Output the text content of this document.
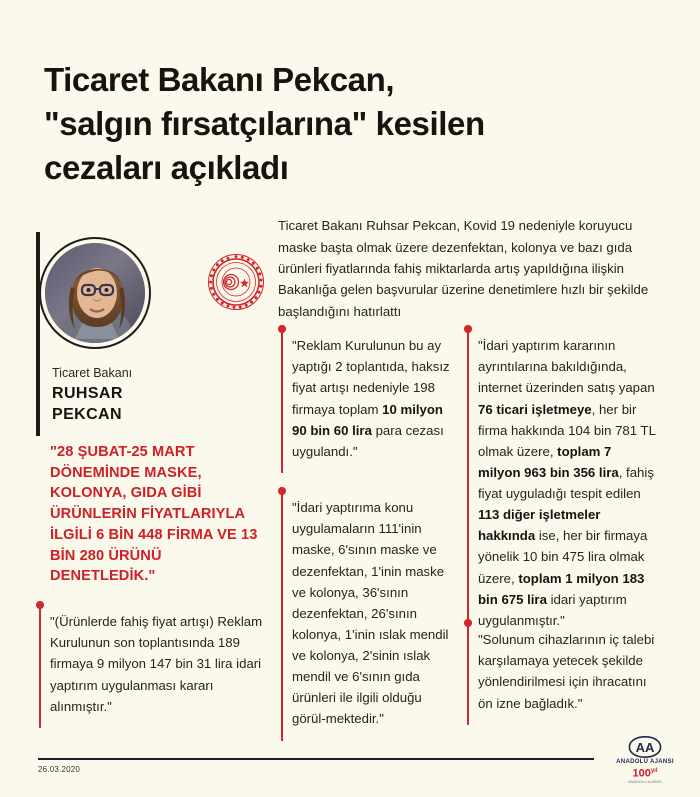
Ticaret Bakanı Pekcan,
"salgın fırsatçılarına" kesilen
cezaları açıkladı

Ticaret Bakanı Ruhsar Pekcan, Kovid 19 nedeniyle koruyucu maske başta olmak üzere dezenfektan, kolonya ve bazı gıda ürünleri fiyatlarında fahiş miktarlarda artış yapıldığına ilişkin Bakanlığa gelen başvurular üzerine denetimlere hızlı bir şekilde başlandığını hatırlattı

Ticaret Bakanı
RUHSAR
PEKCAN
"28 ŞUBAT-25 MART DÖNEMİNDE MASKE, KOLONYA, GIDA GİBİ ÜRÜNLERİN FİYATLARIYLA İLGİLİ 6 BİN 448 FİRMA VE 13 BİN 280 ÜRÜNÜ DENETLEDİK."

"(Ürünlerde fahiş fiyat artışı) Reklam Kurulunun son toplantısında 189 firmaya 9 milyon 147 bin 31 lira idari yaptırım uygulanması kararı alınmıştır."

"Reklam Kurulunun bu ay yaptığı 2 toplantıda, haksız fiyat artışı nedeniyle 198 firmaya toplam 10 milyon 90 bin 60 lira para cezası uygulandı."

"İdari yaptırıma konu uygulamaların 111'inin maske, 6'sının maske ve dezenfektan, 1'inin maske ve kolonya, 36'sının dezenfektan, 26'sının kolonya, 1'inin ıslak mendil ve kolonya, 2'sinin ıslak mendil ve 6'sının gıda ürünleri ile ilgili olduğu görül-mektedir."

"İdari yaptırım kararının ayrıntılarına bakıldığında, internet üzerinden satış yapan 76 ticari işletmeye, her bir firma hakkında 104 bin 781 TL olmak üzere, toplam 7 milyon 963 bin 356 lira, fahiş fiyat uyguladığı tespit edilen 113 diğer işletmeler hakkında ise, her bir firmaya yönelik 10 bin 475 lira olmak üzere, toplam 1 milyon 183 bin 675 lira idari yaptırım uygulanmıştır."

"Solunum cihazlarının iç talebi karşılamaya yetecek şekilde yönlendirilmesi için ihracatını ön izne bağladık."

26.03.2020
AA
ANADOLU AJANSI
$100^{yıl}$
ANADOLU AJANSI
